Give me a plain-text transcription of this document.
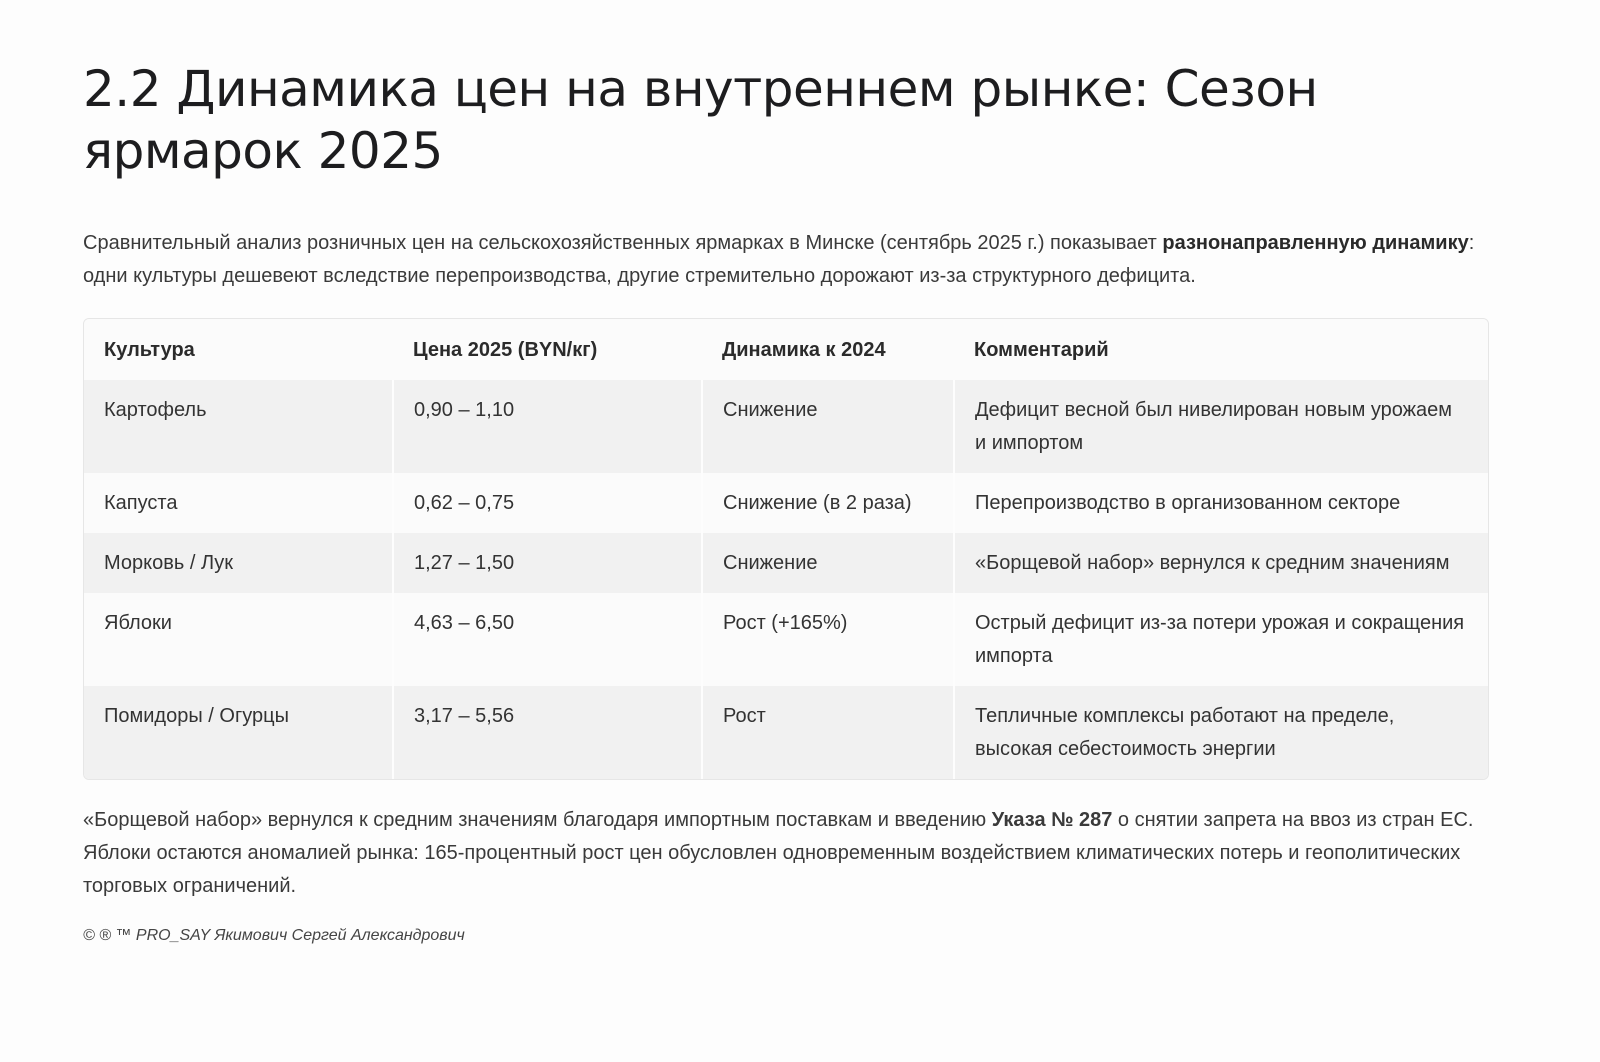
2.2 Динамика цен на внутреннем рынке: Сезон ярмарок 2025

Сравнительный анализ розничных цен на сельскохозяйственных ярмарках в Минске (сентябрь 2025 г.) показывает разнонаправленную динамику: одни культуры дешевеют вследствие перепроизводства, другие стремительно дорожают из-за структурного дефицита.

Культура	Цена 2025 (BYN/кг)	Динамика к 2024	Комментарий
Картофель	0,90 – 1,10	Снижение	Дефицит весной был нивелирован новым урожаем и импортом
Капуста	0,62 – 0,75	Снижение (в 2 раза)	Перепроизводство в организованном секторе
Морковь / Лук	1,27 – 1,50	Снижение	«Борщевой набор» вернулся к средним значениям
Яблоки	4,63 – 6,50	Рост (+165%)	Острый дефицит из-за потери урожая и сокращения импорта
Помидоры / Огурцы	3,17 – 5,56	Рост	Тепличные комплексы работают на пределе, высокая себестоимость энергии

«Борщевой набор» вернулся к средним значениям благодаря импортным поставкам и введению Указа № 287 о снятии запрета на ввоз из стран ЕС. Яблоки остаются аномалией рынка: 165-процентный рост цен обусловлен одновременным воздействием климатических потерь и геополитических торговых ограничений.

© ® ™ PRO_SAY Якимович Сергей Александрович
